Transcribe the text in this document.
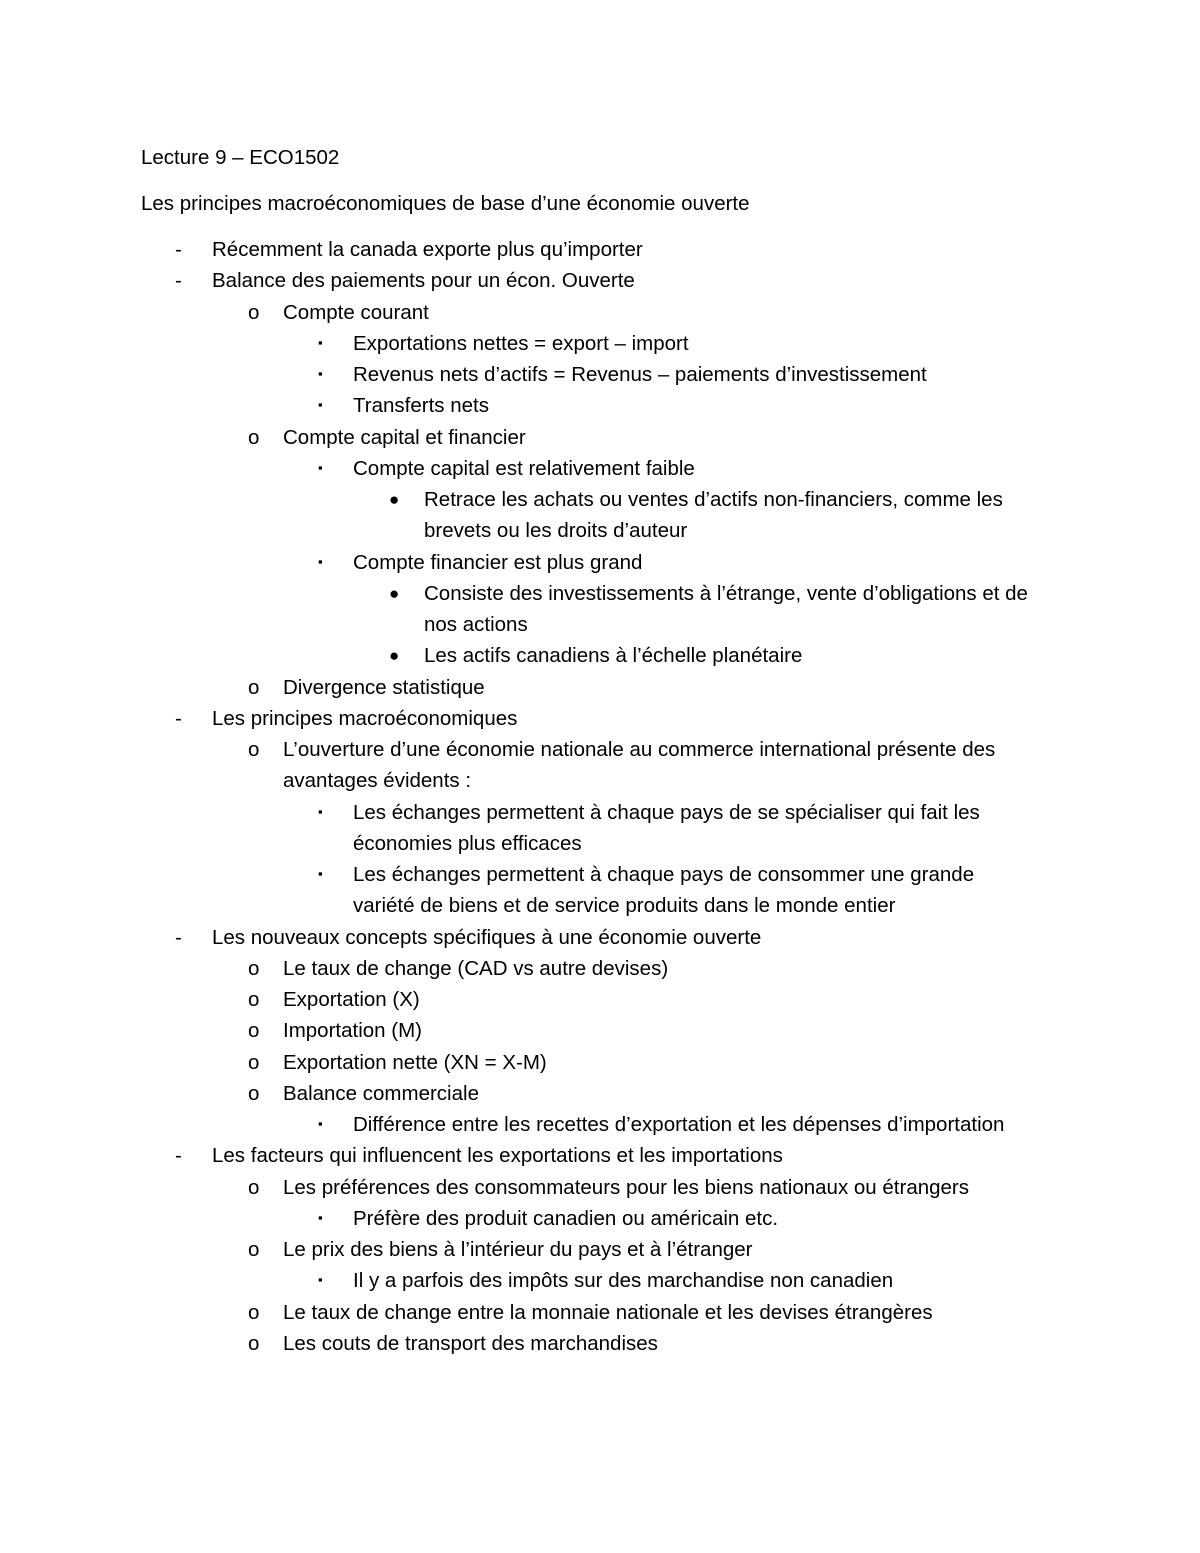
Lecture 9 – ECO1502
Les principes macroéconomiques de base d’une économie ouverte
- Récemment la canada exporte plus qu’importer
- Balance des paiements pour un écon. Ouverte
o Compte courant
▪ Exportations nettes = export – import
▪ Revenus nets d’actifs = Revenus – paiements d’investissement
▪ Transferts nets
o Compte capital et financier
▪ Compte capital est relativement faible
● Retrace les achats ou ventes d’actifs non-financiers, comme les
brevets ou les droits d’auteur
▪ Compte financier est plus grand
● Consiste des investissements à l’étrange, vente d’obligations et de
nos actions
● Les actifs canadiens à l’échelle planétaire
o Divergence statistique
- Les principes macroéconomiques
o L’ouverture d’une économie nationale au commerce international présente des
avantages évidents :
▪ Les échanges permettent à chaque pays de se spécialiser qui fait les
économies plus efficaces
▪ Les échanges permettent à chaque pays de consommer une grande
variété de biens et de service produits dans le monde entier
- Les nouveaux concepts spécifiques à une économie ouverte
o Le taux de change (CAD vs autre devises)
o Exportation (X)
o Importation (M)
o Exportation nette (XN = X-M)
o Balance commerciale
▪ Différence entre les recettes d’exportation et les dépenses d’importation
- Les facteurs qui influencent les exportations et les importations
o Les préférences des consommateurs pour les biens nationaux ou étrangers
▪ Préfère des produit canadien ou américain etc.
o Le prix des biens à l’intérieur du pays et à l’étranger
▪ Il y a parfois des impôts sur des marchandise non canadien
o Le taux de change entre la monnaie nationale et les devises étrangères
o Les couts de transport des marchandises
